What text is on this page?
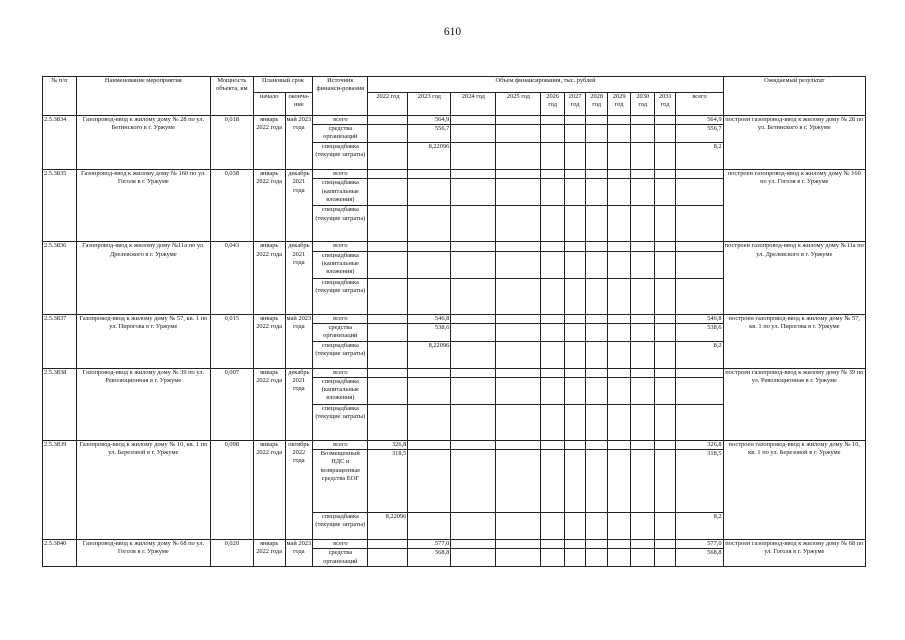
610
№ п/п	Наименование мероприятия	Мощность объекта, км	Плановый срок		Источник финанси-рования	Объем финансирования, тыс. рублей											Ожидаемый результат
			начало	оконча-ние		2022 год	2023 год	2024 год	2025 год	2026 год	2027 год	2028 год	2029 год	2030 год	2031 год	всего	
2.5.3834	Газопровод-ввод к жилому дому № 28 по ул. Бетинского в г. Уржуме	0,018	январь 2022 года	май 2023 года	всего		564,9									564,9	построен газопровод-ввод к жилому дому № 28 по ул. Бетинского в г. Уржуме
					средства организаций		556,7									556,7	
					спецнадбавка (текущие затраты)		8,22096									8,2	
2.5.3835	Газопровод-ввод к жилому дому № 160 по ул. Гоголя в г. Уржуме	0,038	январь 2022 года	декабрь 2021 года	всего												построен газопровод-ввод к жилому дому № 160 по ул. Гоголя в г. Уржуме
					спецнадбавка (капитальные вложения)												
					спецнадбавка (текущие затраты)												
2.5.3836	Газопровод-ввод к жилому дому №11а по ул. Дрелевского в г. Уржуме	0,043	январь 2022 года	декабрь 2021 года	всего												построен газопровод-ввод к жилому дому №11а по ул. Дрелевского в г. Уржуме
					спецнадбавка (капитальные вложения)												
					спецнадбавка (текущие затраты)												
2.5.3837	Газопровод-ввод к жилому дому № 57, кв. 1 по ул. Пирогова в г. Уржуме	0,015	январь 2022 года	май 2023 года	всего		546,8									546,8	построен газопровод-ввод к жилому дому № 57, кв. 1 по ул. Пирогова в г. Уржуме
					средства организаций		538,6									538,6	
					спецнадбавка (текущие затраты)		8,22096									8,2	
2.5.3838	Газопровод-ввод к жилому дому № 39 по ул. Революционная в г. Уржуме	0,007	январь 2022 года	декабрь 2021 года	всего												построен газопровод-ввод к жилому дому № 39 по ул. Революционная в г. Уржуме
					спецнадбавка (капитальные вложения)												
					спецнадбавка (текущие затраты)												
2.5.3839	Газопровод-ввод к жилому дому № 10, кв. 1 по ул. Березовой в г. Уржуме	0,098	январь 2022 года	октябрь 2022 года	всего	326,8										326,8	построен газопровод-ввод к жилому дому № 10, кв. 1 по ул. Березовой в г. Уржуме
					Возмещенный НДС и возвращенные средства ЕОГ	318,5										318,5	
					спецнадбавка (текущие затраты)	8,22096										8,2	
2.5.3840	Газопровод-ввод к жилому дому № 68 по ул. Гоголя в г. Уржуме	0,020	январь 2022 года	май 2023 года	всего		577,0									577,0	построен газопровод-ввод к жилому дому № 68 по ул. Гоголя в г. Уржуме
					средства организаций		568,8									568,8	
